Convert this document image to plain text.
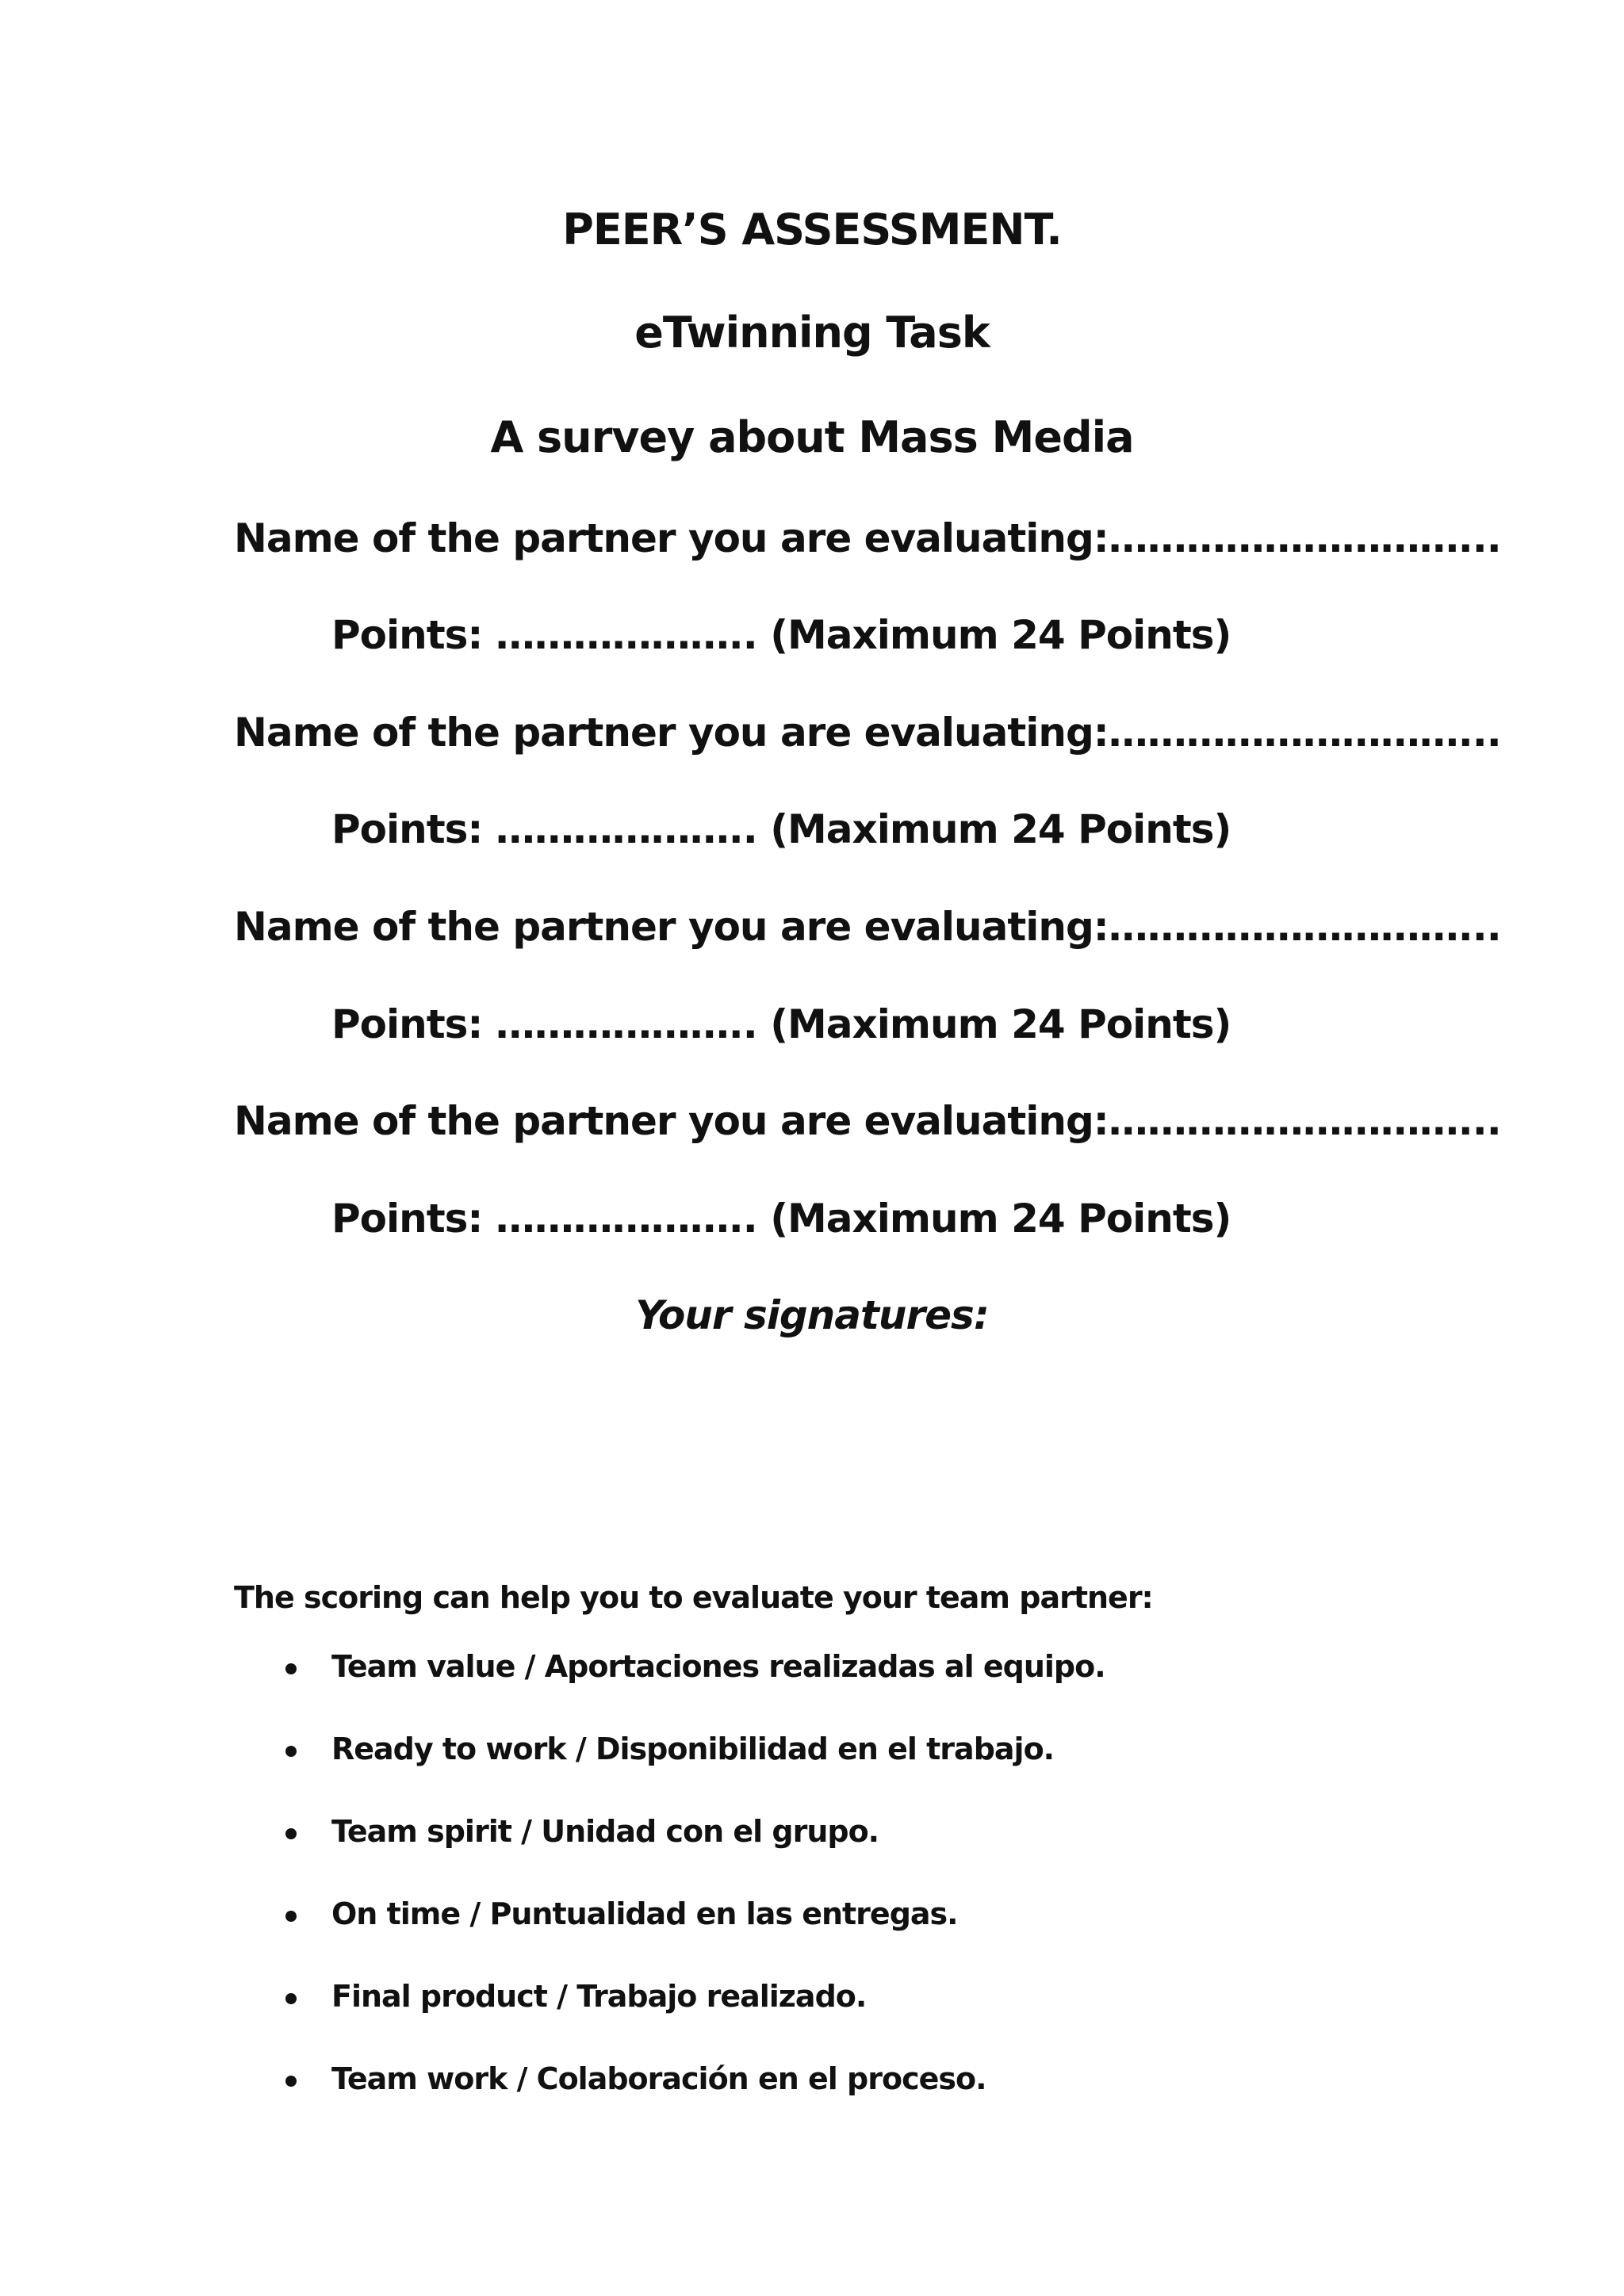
PEER’S ASSESSMENT.
eTwinning Task
A survey about Mass Media
Name of the partner you are evaluating:………………………...
Points: ……………….. (Maximum 24 Points)
Name of the partner you are evaluating:………………………...
Points: ……………….. (Maximum 24 Points)
Name of the partner you are evaluating:………………………...
Points: ……………….. (Maximum 24 Points)
Name of the partner you are evaluating:………………………...
Points: ……………….. (Maximum 24 Points)
Your signatures:
The scoring can help you to evaluate your team partner:
Team value / Aportaciones realizadas al equipo.
Ready to work / Disponibilidad en el trabajo.
Team spirit / Unidad con el grupo.
On time / Puntualidad en las entregas.
Final product / Trabajo realizado.
Team work / Colaboración en el proceso.
